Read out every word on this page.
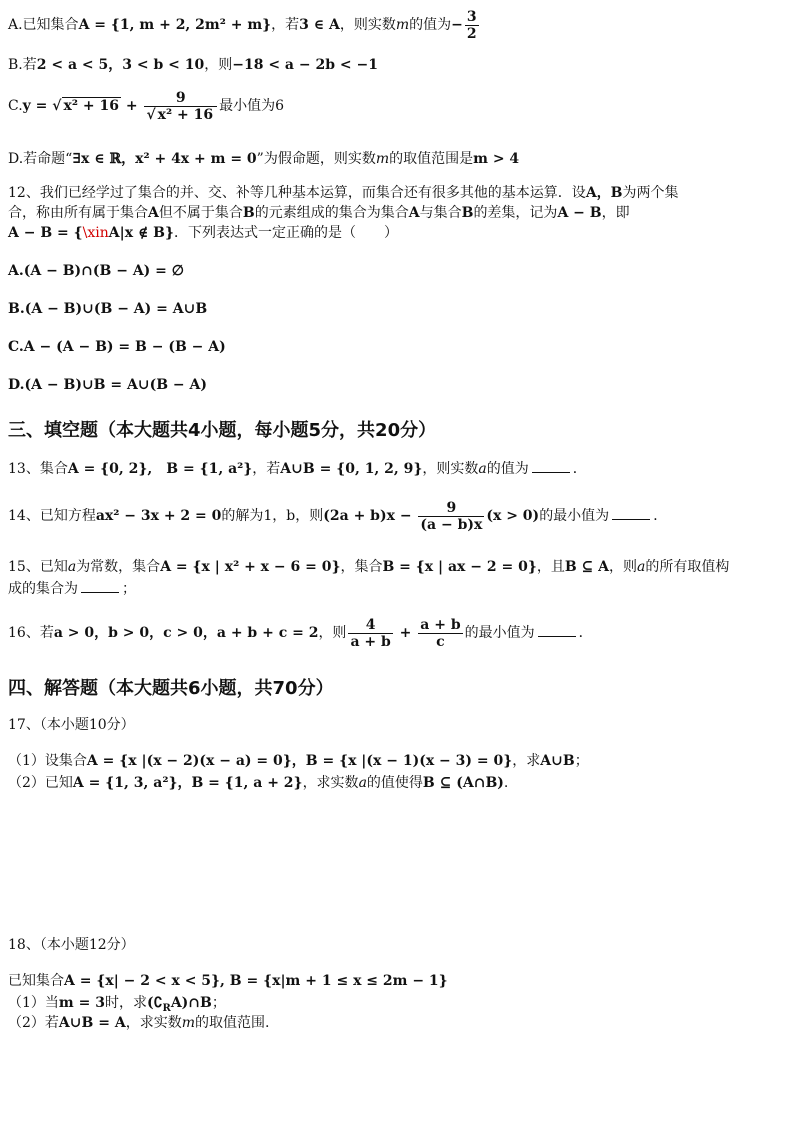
A.已知集合A = {1, m + 2, 2m² + m}，若3 ∈ A，则实数m的值为− $\frac{3}{2}$
B.若2 < a < 5，3 < b < 10，则−18 < a − 2b < −1
C.y = √ $x^2 + 16 + \frac{9}{\text{√ x² + 16}}$ 最小值为6
D.若命题“∃x ∈ ℝ，x² + 4x + m = 0”为假命题，则实数m的取值范围是m > 4
12、我们已经学过了集合的并、交、补等几种基本运算，而集合还有很多其他的基本运算．设A，B为两个集
合，称由所有属于集合A但不属于集合B的元素组成的集合为集合A与集合B的差集，记为A − B，即
A − B = {\xinA|x ∉ B}．下列表达式一定正确的是（　　）
A.(A − B)∩(B − A) = ∅
B.(A − B)∪(B − A) = A∪B
C.A − (A − B) = B − (B − A)
D.(A − B)∪B = A∪(B − A)
三、填空题（本大题共4小题，每小题5分，共20分）
13、集合A = {0, 2},　B = {1, a²}，若A∪B = {0, 1, 2, 9}，则实数a的值为	．
14、已知方程ax² − 3x + 2 = 0的解为1，b，则$(2a + b)x - \frac{9}{(a - b)x} (x > 0)$的最小值为	．
15、已知a为常数，集合A = {x | x² + x − 6 = 0}，集合B = {x | ax − 2 = 0}，且B ⊆ A，则a的所有取值构
成的集合为	；
16、若a > 0，b > 0，c > 0，a + b + c = 2，则 $\frac{4}{a + b} + \frac{a + b}{c}$ 的最小值为	．
四、解答题（本大题共6小题，共70分）
17、（本小题10分）
（1）设集合A = {x |(x − 2)(x − a) = 0}，B = {x |(x − 1)(x − 3) = 0}，求A∪B；
（2）已知A = {1, 3, a²}，B = {1, a + 2}，求实数a的值使得B ⊆ (A∩B).
18、（本小题12分）
已知集合A = {x| − 2 < x < 5}, B = {x|m + 1 ≤ x ≤ 2m − 1}
（1）当m = 3时，求$(∁_RA)\cap B$；
（2）若A∪B = A，求实数m的取值范围.
